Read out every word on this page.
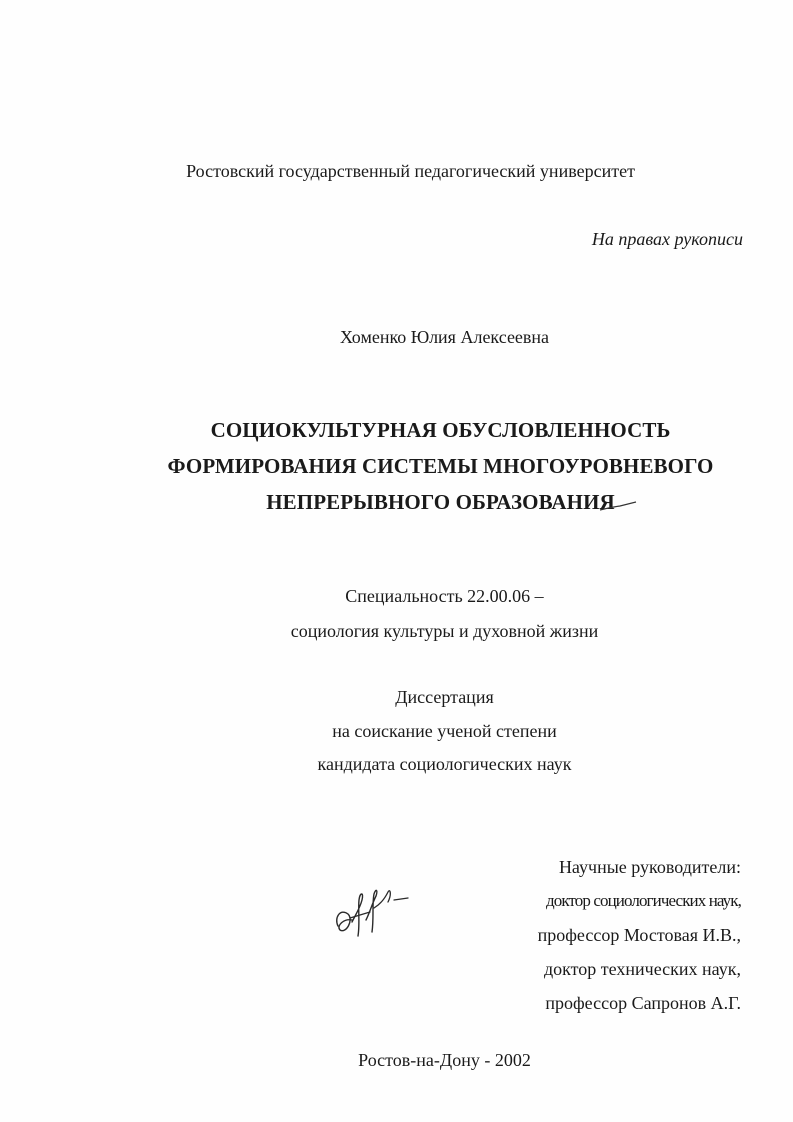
Ростовский государственный педагогический университет
На правах рукописи
Хоменко Юлия Алексеевна
СОЦИОКУЛЬТУРНАЯ ОБУСЛОВЛЕННОСТЬ
ФОРМИРОВАНИЯ СИСТЕМЫ МНОГОУРОВНЕВОГО
НЕПРЕРЫВНОГО ОБРАЗОВАНИЯ
Специальность 22.00.06 –
социология культуры и духовной жизни
Диссертация
на соискание ученой степени
кандидата социологических наук
Научные руководители:
доктор социологических наук,
профессор Мостовая И.В.,
доктор технических наук,
профессор Сапронов А.Г.
Ростов-на-Дону - 2002
